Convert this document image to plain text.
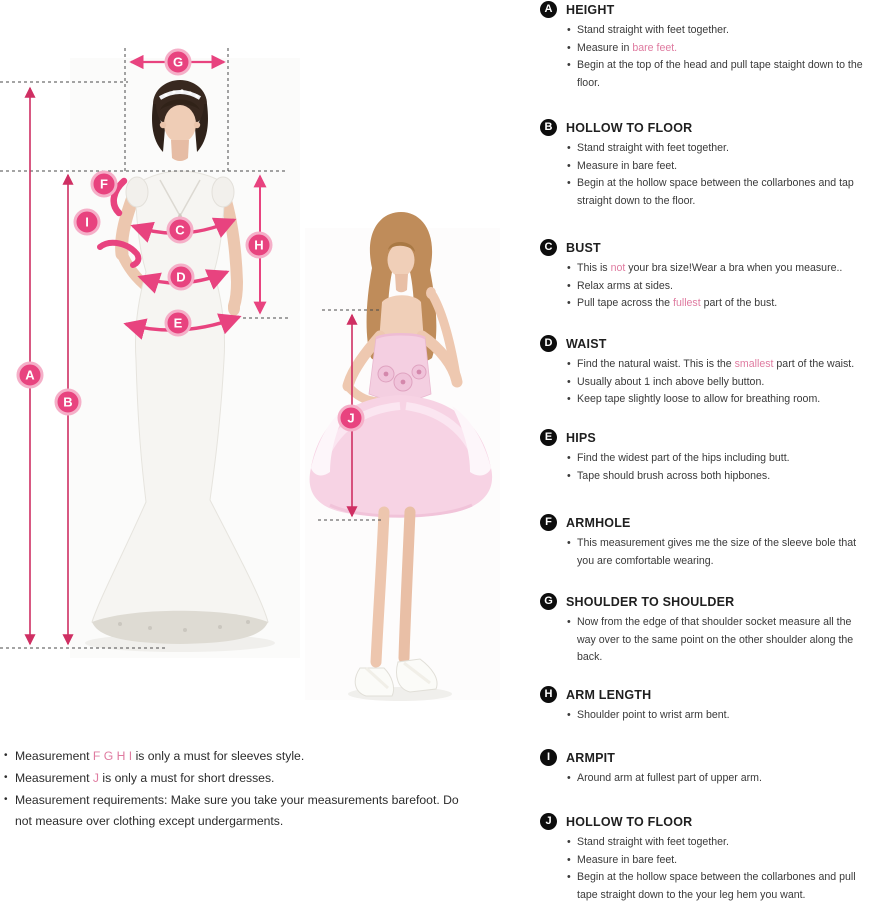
G
F
I
C
H
D
E
A
B
J
A	HEIGHT
• Stand straight with feet together.
• Measure in bare feet.
• Begin at the top of the head and pull tape staight down to the floor.
B	HOLLOW TO FLOOR
• Stand straight with feet together.
• Measure in bare feet.
• Begin at the hollow space between the collarbones and tap straight down to the floor.
C	BUST
• This is not your bra size!Wear a bra when you measure..
• Relax arms at sides.
• Pull tape across the fullest part of the bust.
D	WAIST
• Find the natural waist. This is the smallest part of the waist.
• Usually about 1 inch above belly button.
• Keep tape slightly loose to allow for breathing room.
E	HIPS
• Find the widest part of the hips including butt.
• Tape should brush across both hipbones.
F	ARMHOLE
• This measurement gives me the size of the sleeve bole that you are comfortable wearing.
G	SHOULDER TO SHOULDER
• Now from the edge of that shoulder socket measure all the way over to the same point on the other shoulder along the back.
H	ARM LENGTH
• Shoulder point to wrist arm bent.
I	ARMPIT
• Around arm at fullest part of upper arm.
J	HOLLOW TO FLOOR
• Stand straight with feet together.
• Measure in bare feet.
• Begin at the hollow space between the collarbones and pull tape straight down to the your leg hem you want.
• Measurement F G H I is only a must for sleeves style.
• Measurement J is only a must for short dresses.
• Measurement requirements: Make sure you take your measurements barefoot. Do not measure over clothing except undergarments.
